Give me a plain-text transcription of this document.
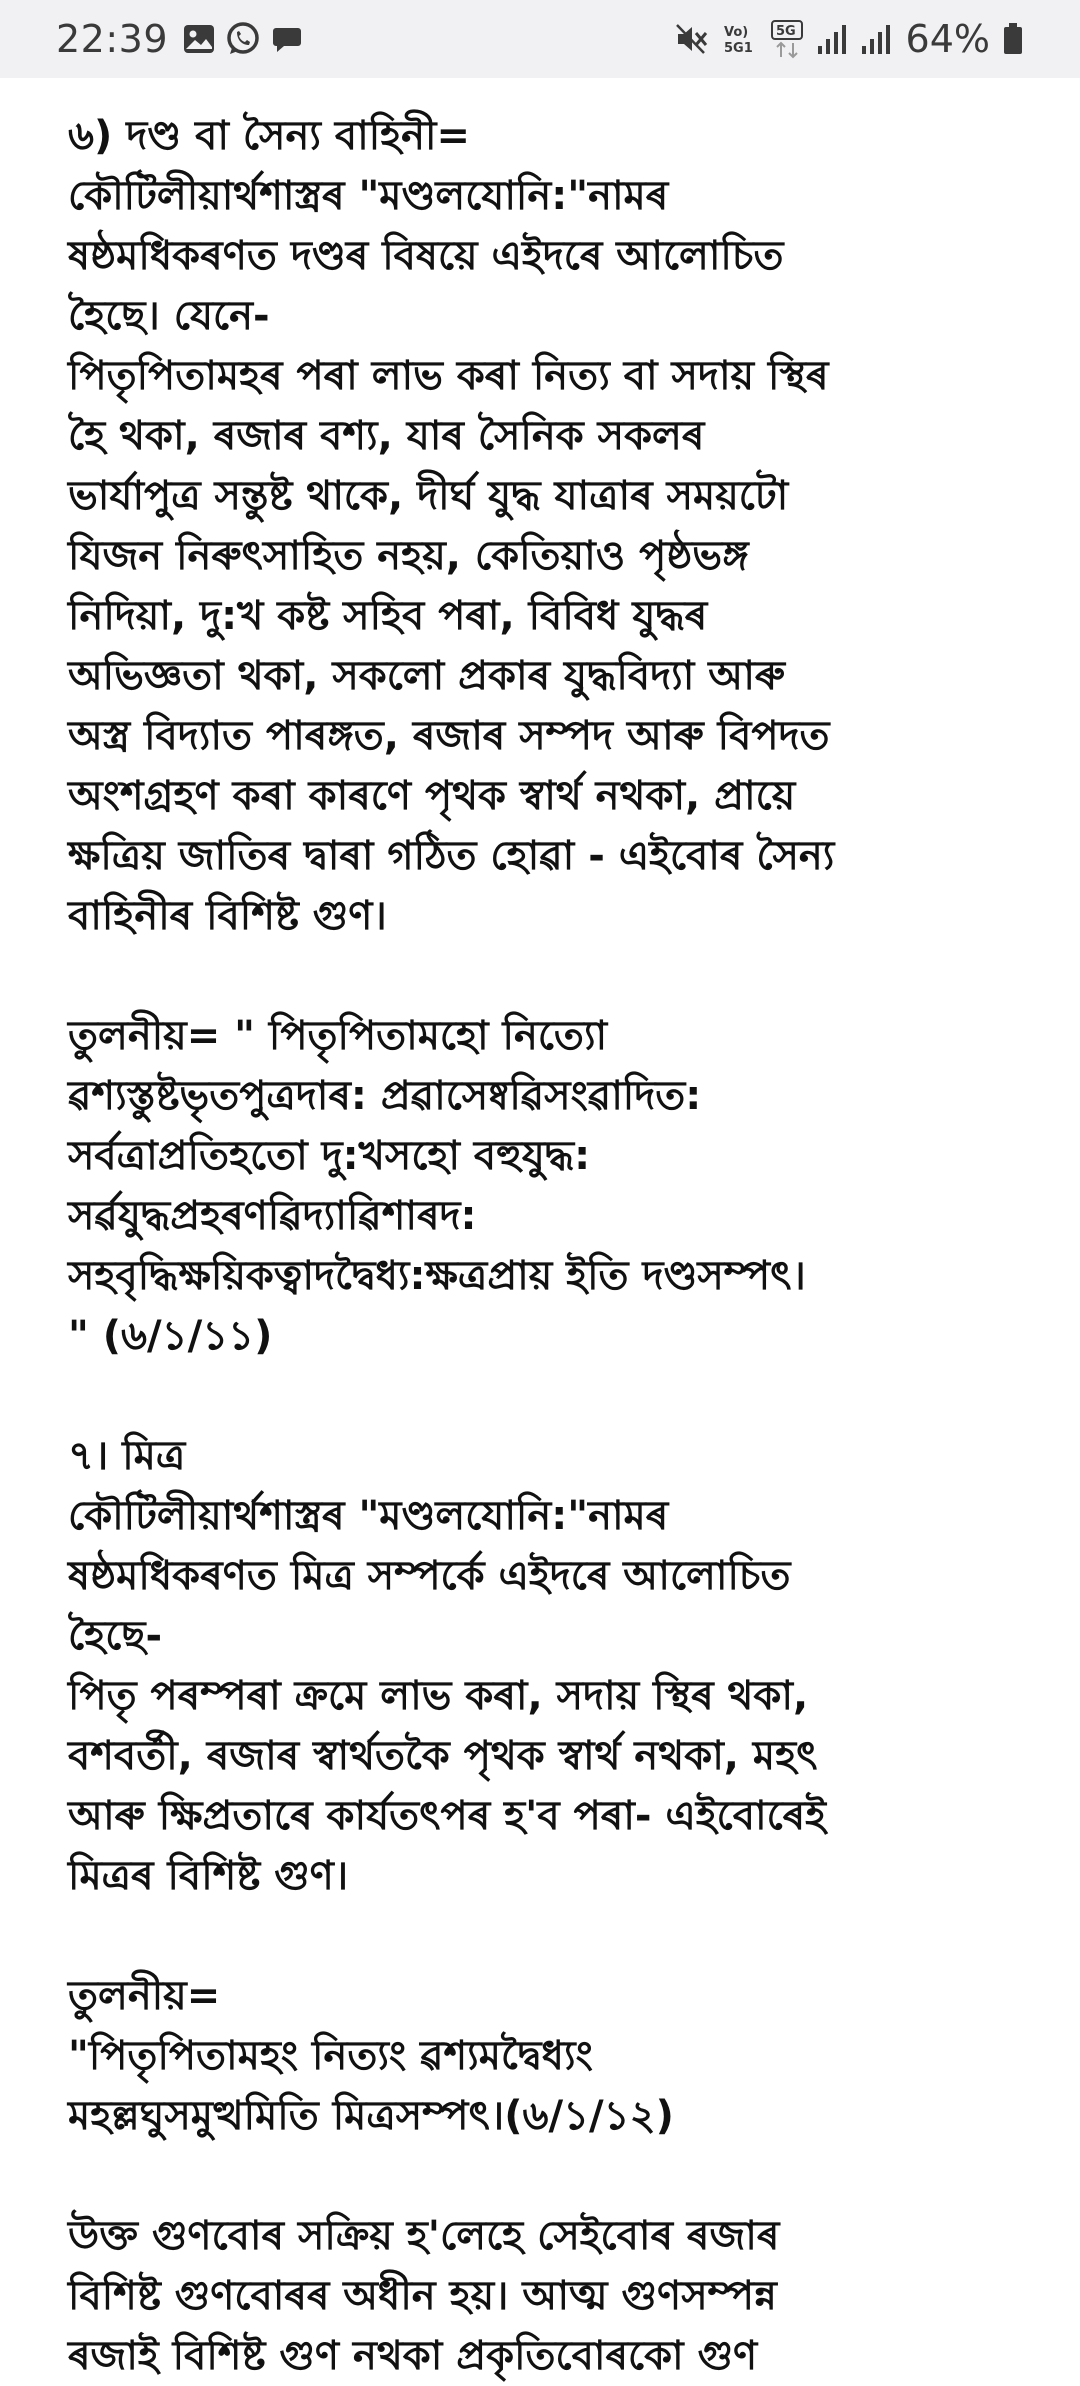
22:39	Vo)
5G1
5G	64%

৬) দণ্ড বা সৈন্য বাহিনী=
কৌটিলীয়াৰ্থশাস্ত্ৰৰ "মণ্ডলযোনি:"নামৰ
ষষ্ঠমধিকৰণত দণ্ডৰ বিষয়ে এইদৰে আলোচিত
হৈছে। যেনে-
পিতৃপিতামহৰ পৰা লাভ কৰা নিত্য বা সদায় স্থিৰ
হৈ থকা, ৰজাৰ বশ্য, যাৰ সৈনিক সকলৰ
ভাৰ্যাপুত্ৰ সন্তুষ্ট থাকে, দীৰ্ঘ যুদ্ধ যাত্ৰাৰ সময়টো
যিজন নিৰুৎসাহিত নহয়, কেতিয়াও পৃষ্ঠভঙ্গ
নিদিয়া, দু:খ কষ্ট সহিব পৰা, বিবিধ যুদ্ধৰ
অভিজ্ঞতা থকা, সকলো প্ৰকাৰ যুদ্ধবিদ্যা আৰু
অস্ত্ৰ বিদ্যাত পাৰঙ্গত, ৰজাৰ সম্পদ আৰু বিপদত
অংশগ্ৰহণ কৰা কাৰণে পৃথক স্বাৰ্থ নথকা, প্ৰায়ে
ক্ষত্ৰিয় জাতিৰ দ্বাৰা গঠিত হোৱা - এইবোৰ সৈন্য
বাহিনীৰ বিশিষ্ট গুণ।

তুলনীয়= " পিতৃপিতামহো নিত্যো
ৱশ্যস্তুষ্টভৃতপুত্ৰদাৰ: প্ৰৱাসেষ্বৱিসংৱাদিত:
সৰ্বত্ৰাপ্ৰতিহতো দু:খসহো বহুযুদ্ধ:
সৰ্ৱযুদ্ধপ্ৰহৰণৱিদ্যাৱিশাৰদ:
সহবৃদ্ধিক্ষয়িকত্বাদদ্বৈধ্য:ক্ষত্ৰপ্ৰায় ইতি দণ্ডসম্পৎ।
" (৬/১/১১)

৭। মিত্ৰ
কৌটিলীয়াৰ্থশাস্ত্ৰৰ "মণ্ডলযোনি:"নামৰ
ষষ্ঠমধিকৰণত মিত্ৰ সম্পৰ্কে এইদৰে আলোচিত
হৈছে-
পিতৃ পৰম্পৰা ক্ৰমে লাভ কৰা, সদায় স্থিৰ থকা,
বশবৰ্তী, ৰজাৰ স্বাৰ্থতকৈ পৃথক স্বাৰ্থ নথকা, মহৎ
আৰু ক্ষিপ্ৰতাৰে কাৰ্যতৎপৰ হ'ব পৰা- এইবোৰেই
মিত্ৰৰ বিশিষ্ট গুণ।

তুলনীয়=
"পিতৃপিতামহং নিত্যং ৱশ্যমদ্বৈধ্যং
মহল্লঘুসমুত্থমিতি মিত্ৰসম্পৎ।(৬/১/১২)

উক্ত গুণবোৰ সক্ৰিয় হ'লেহে সেইবোৰ ৰজাৰ
বিশিষ্ট গুণবোৰৰ অধীন হয়। আত্ম গুণসম্পন্ন
ৰজাই বিশিষ্ট গুণ নথকা প্ৰকৃতিবোৰকো গুণ
